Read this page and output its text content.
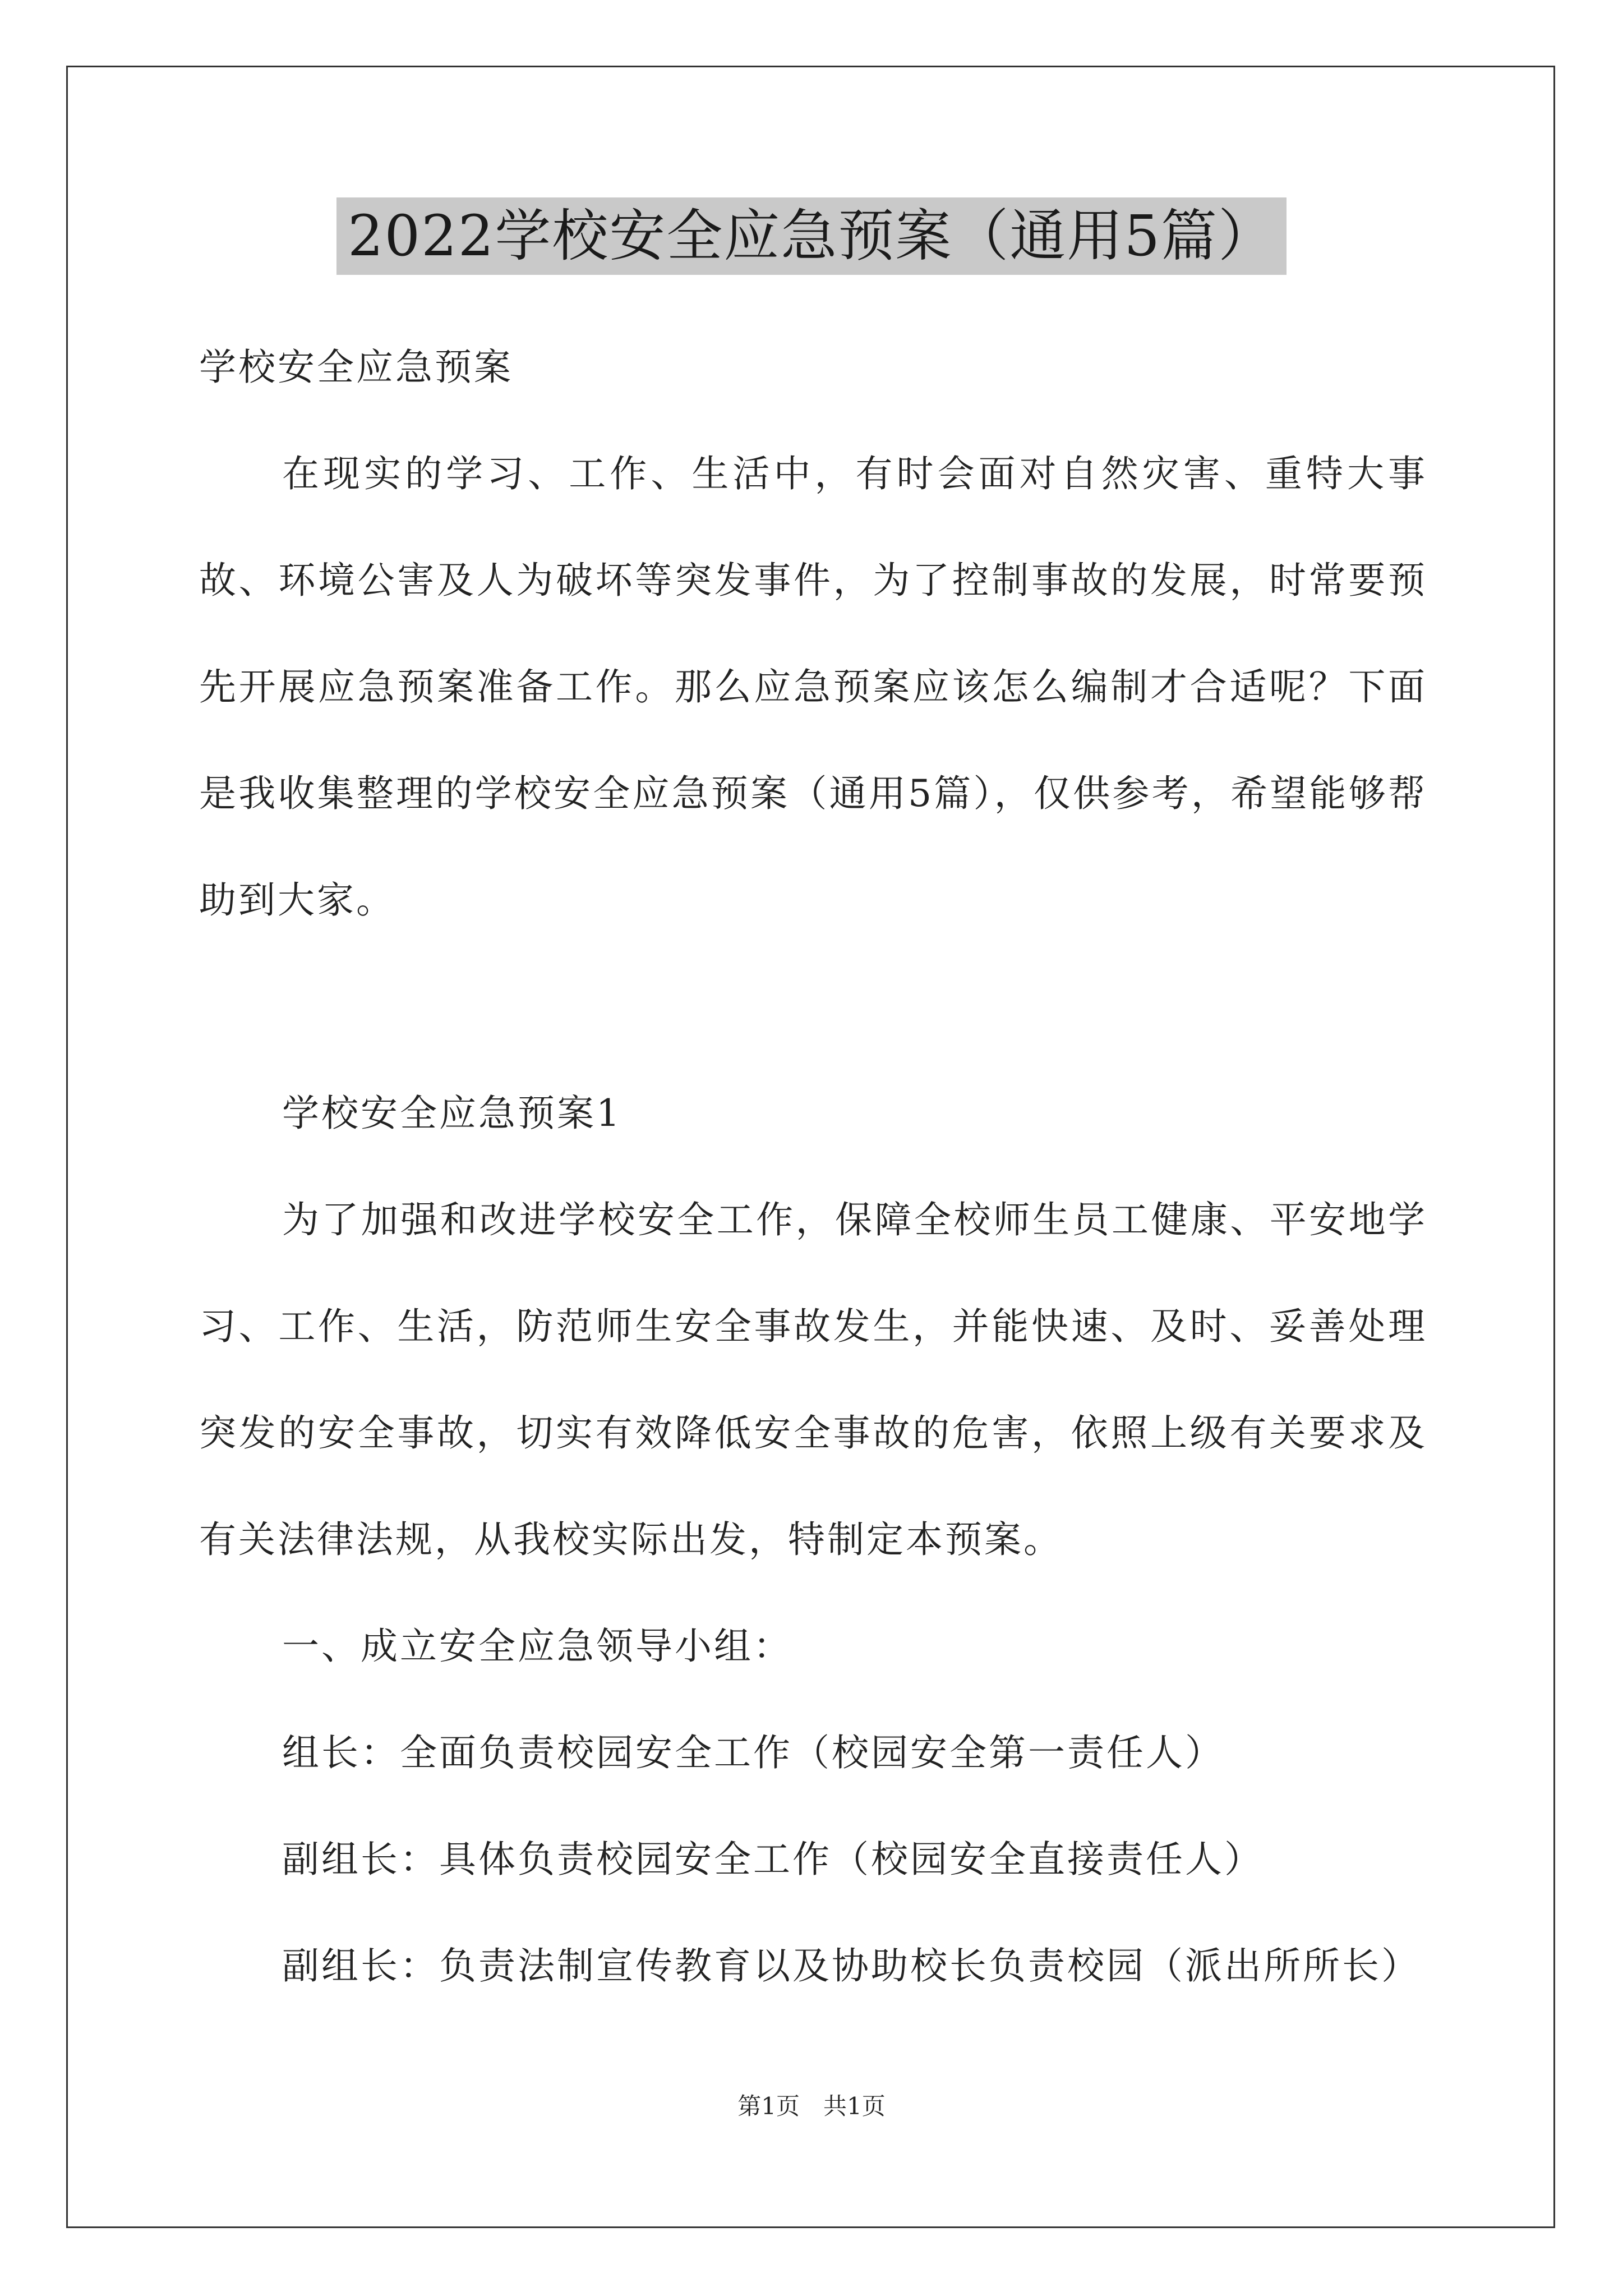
2022学校安全应急预案（通用5篇）

学校安全应急预案

在现实的学习、工作、生活中，有时会面对自然灾害、重特大事故、环境公害及人为破坏等突发事件，为了控制事故的发展，时常要预先开展应急预案准备工作。那么应急预案应该怎么编制才合适呢？下面是我收集整理的学校安全应急预案（通用5篇），仅供参考，希望能够帮助到大家。

学校安全应急预案1

为了加强和改进学校安全工作，保障全校师生员工健康、平安地学习、工作、生活，防范师生安全事故发生，并能快速、及时、妥善处理突发的安全事故，切实有效降低安全事故的危害，依照上级有关要求及有关法律法规，从我校实际出发，特制定本预案。

一、成立安全应急领导小组：

组长：全面负责校园安全工作（校园安全第一责任人）

副组长：具体负责校园安全工作（校园安全直接责任人）

副组长：负责法制宣传教育以及协助校长负责校园（派出所所长）

第1页　共1页
